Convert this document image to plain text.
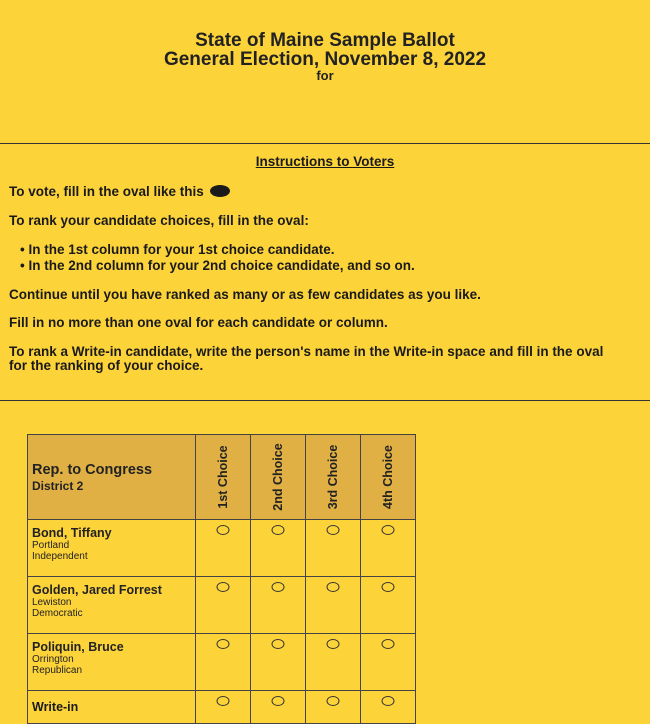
State of Maine Sample Ballot
General Election, November 8, 2022
for
Instructions to Voters
To vote, fill in the oval like this
To rank your candidate choices, fill in the oval:
• In the 1st column for your 1st choice candidate.
• In the 2nd column for your 2nd choice candidate, and so on.
Continue until you have ranked as many or as few candidates as you like.
Fill in no more than one oval for each candidate or column.
To rank a Write-in candidate, write the person's name in the Write-in space and fill in the oval
for the ranking of your choice.
Rep. to Congress
District 2	1st Choice	2nd Choice	3rd Choice	4th Choice

Bond, Tiffany
Portland
Independent				

Golden, Jared Forrest
Lewiston
Democratic				

Poliquin, Bruce
Orrington
Republican				

Write-in	
